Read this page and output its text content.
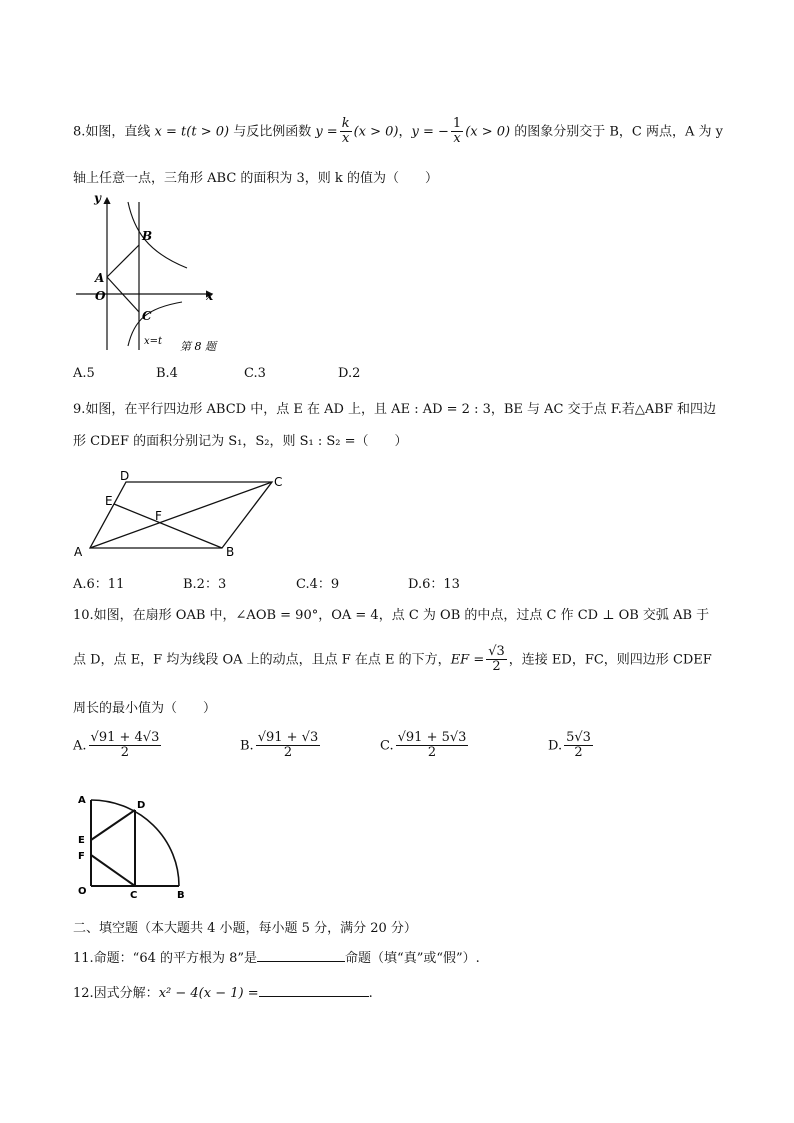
8.如图，直线 x = t(t > 0) 与反比例函数 $y = \frac{k}{x} (x > 0)$，y = − $\frac{1}{x} (x > 0)$ 的图象分别交于 B，C 两点，A 为 y
轴上任意一点，三角形 ABC 的面积为 3，则 k 的值为（　　）
y
x
B
A
O
C
x=t 第 8 题
A.5	B.4	C.3	D.2
9.如图，在平行四边形 ABCD 中，点 E 在 AD 上，且 AE : AD = 2 : 3，BE 与 AC 交于点 F.若△ABF 和四边
形 CDEF 的面积分别记为 S₁，S₂，则 S₁ : S₂ =（　　）
D	C
E
F
A	B
A.6：11	B.2：3	C.4：9	D.6：13
10.如图，在扇形 OAB 中，∠AOB = 90°，OA = 4，点 C 为 OB 的中点，过点 C 作 CD ⊥ OB 交弧 AB 于
点 D，点 E，F 均为线段 OA 上的动点，且点 F 在点 E 的下方，EF = $\frac{√3}{2}$ ，连接 ED，FC，则四边形 CDEF
周长的最小值为（　　）
A. $\frac{√91 + 4√3}{2}$	B. $\frac{√91 + √3}{2}$	C. $\frac{√91 + 5√3}{2}$	D. $\frac{5√3}{2}$
A	D
E
F
O	C	B
二、填空题（本大题共 4 小题，每小题 5 分，满分 20 分）
11.命题：“64 的平方根为 8”是	命题（填“真”或“假”）.
12.因式分解：x² − 4(x − 1) =	.
